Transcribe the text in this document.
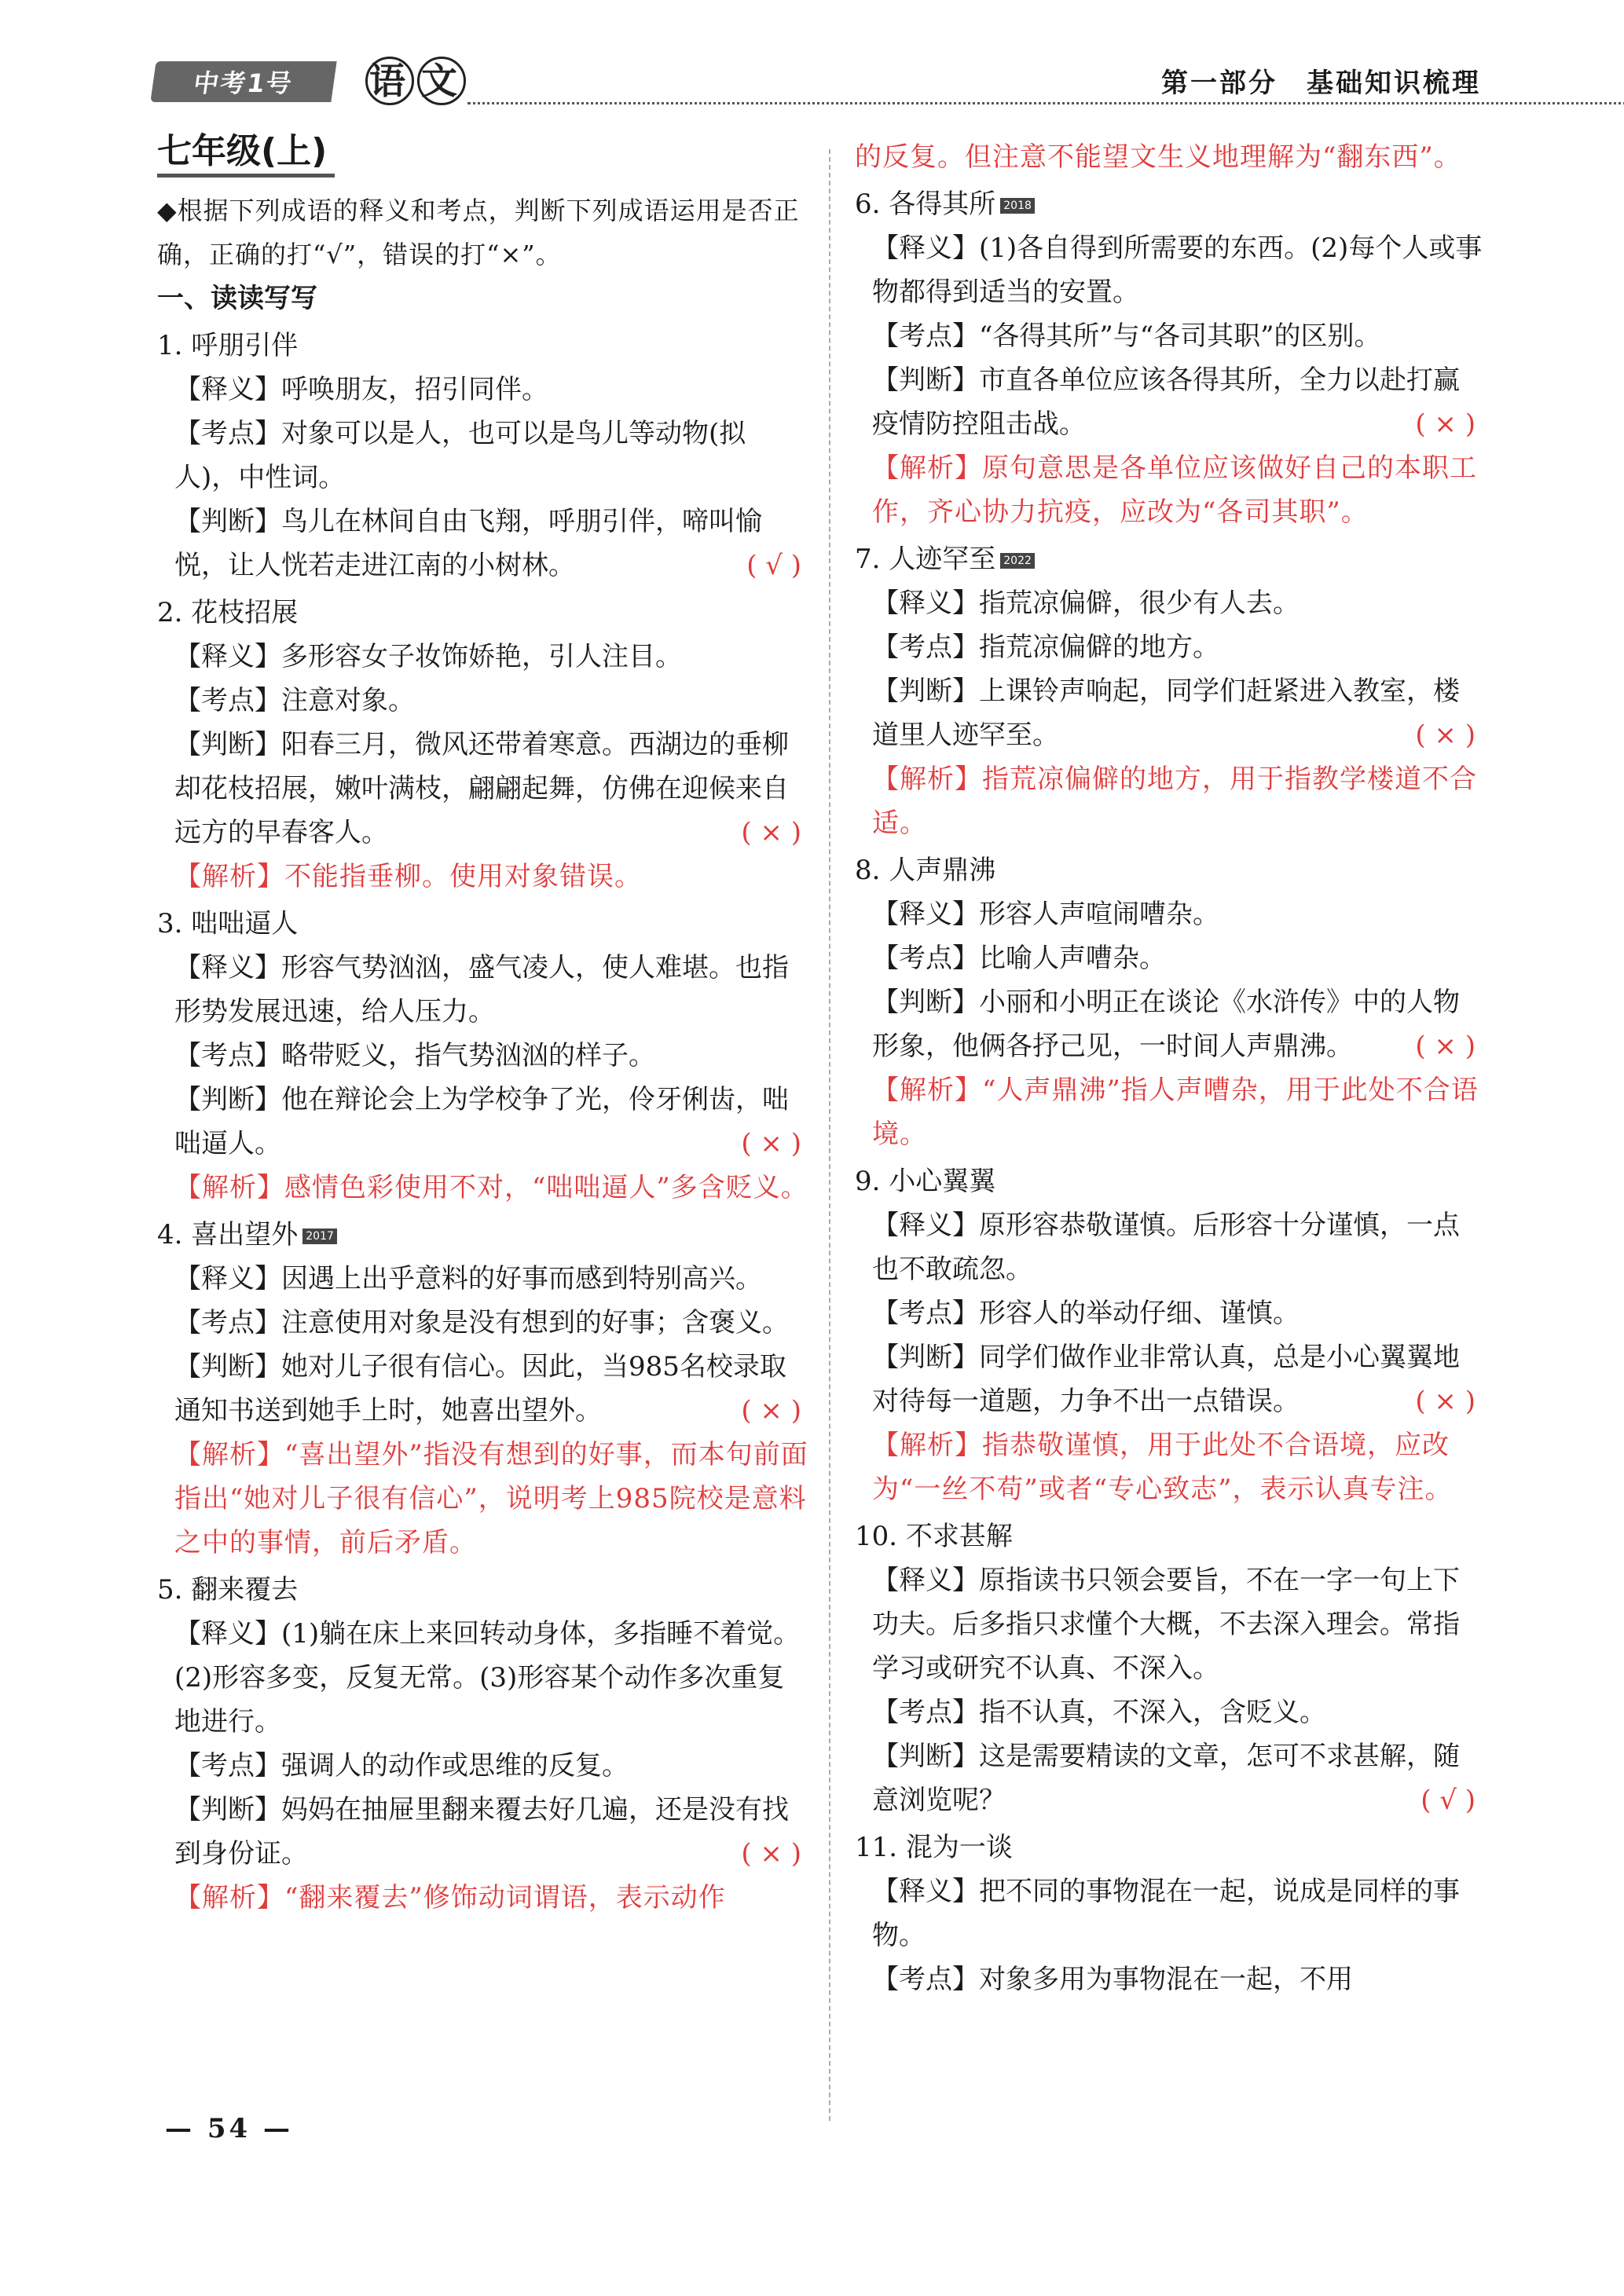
中考1号	语 文	第一部分　基础知识梳理
七年级(上)
◆根据下列成语的释义和考点，判断下列成语运用是否正确，正确的打“√”，错误的打“×”。
一、读读写写
1. 呼朋引伴
【释义】呼唤朋友，招引同伴。
【考点】对象可以是人，也可以是鸟儿等动物(拟人)，中性词。
【判断】鸟儿在林间自由飞翔，呼朋引伴，啼叫愉悦，让人恍若走进江南的小树林。	( √ )
2. 花枝招展
【释义】多形容女子妆饰娇艳，引人注目。
【考点】注意对象。
【判断】阳春三月，微风还带着寒意。西湖边的垂柳却花枝招展，嫩叶满枝，翩翩起舞，仿佛在迎候来自远方的早春客人。	( × )
【解析】不能指垂柳。使用对象错误。
3. 咄咄逼人
【释义】形容气势汹汹，盛气凌人，使人难堪。也指形势发展迅速，给人压力。
【考点】略带贬义，指气势汹汹的样子。
【判断】他在辩论会上为学校争了光，伶牙俐齿，咄咄逼人。	( × )
【解析】感情色彩使用不对，“咄咄逼人”多含贬义。
4. 喜出望外 2017
【释义】因遇上出乎意料的好事而感到特别高兴。
【考点】注意使用对象是没有想到的好事；含褒义。
【判断】她对儿子很有信心。因此，当985名校录取通知书送到她手上时，她喜出望外。	( × )
【解析】“喜出望外”指没有想到的好事，而本句前面指出“她对儿子很有信心”，说明考上985院校是意料之中的事情，前后矛盾。
5. 翻来覆去
【释义】(1)躺在床上来回转动身体，多指睡不着觉。(2)形容多变，反复无常。(3)形容某个动作多次重复地进行。
【考点】强调人的动作或思维的反复。
【判断】妈妈在抽屉里翻来覆去好几遍，还是没有找到身份证。	( × )
【解析】“翻来覆去”修饰动词谓语，表示动作
的反复。但注意不能望文生义地理解为“翻东西”。
6. 各得其所 2018
【释义】(1)各自得到所需要的东西。(2)每个人或事物都得到适当的安置。
【考点】“各得其所”与“各司其职”的区别。
【判断】市直各单位应该各得其所，全力以赴打赢疫情防控阻击战。	( × )
【解析】原句意思是各单位应该做好自己的本职工作，齐心协力抗疫，应改为“各司其职”。
7. 人迹罕至 2022
【释义】指荒凉偏僻，很少有人去。
【考点】指荒凉偏僻的地方。
【判断】上课铃声响起，同学们赶紧进入教室，楼道里人迹罕至。	( × )
【解析】指荒凉偏僻的地方，用于指教学楼道不合适。
8. 人声鼎沸
【释义】形容人声喧闹嘈杂。
【考点】比喻人声嘈杂。
【判断】小丽和小明正在谈论《水浒传》中的人物形象，他俩各抒己见，一时间人声鼎沸。 ( × )
【解析】“人声鼎沸”指人声嘈杂，用于此处不合语境。
9. 小心翼翼
【释义】原形容恭敬谨慎。后形容十分谨慎，一点也不敢疏忽。
【考点】形容人的举动仔细、谨慎。
【判断】同学们做作业非常认真，总是小心翼翼地对待每一道题，力争不出一点错误。	( × )
【解析】指恭敬谨慎，用于此处不合语境，应改为“一丝不苟”或者“专心致志”，表示认真专注。
10. 不求甚解
【释义】原指读书只领会要旨，不在一字一句上下功夫。后多指只求懂个大概，不去深入理会。常指学习或研究不认真、不深入。
【考点】指不认真，不深入，含贬义。
【判断】这是需要精读的文章，怎可不求甚解，随意浏览呢？	( √ )
11. 混为一谈
【释义】把不同的事物混在一起，说成是同样的事物。
【考点】对象多用为事物混在一起，不用
— 54 —
